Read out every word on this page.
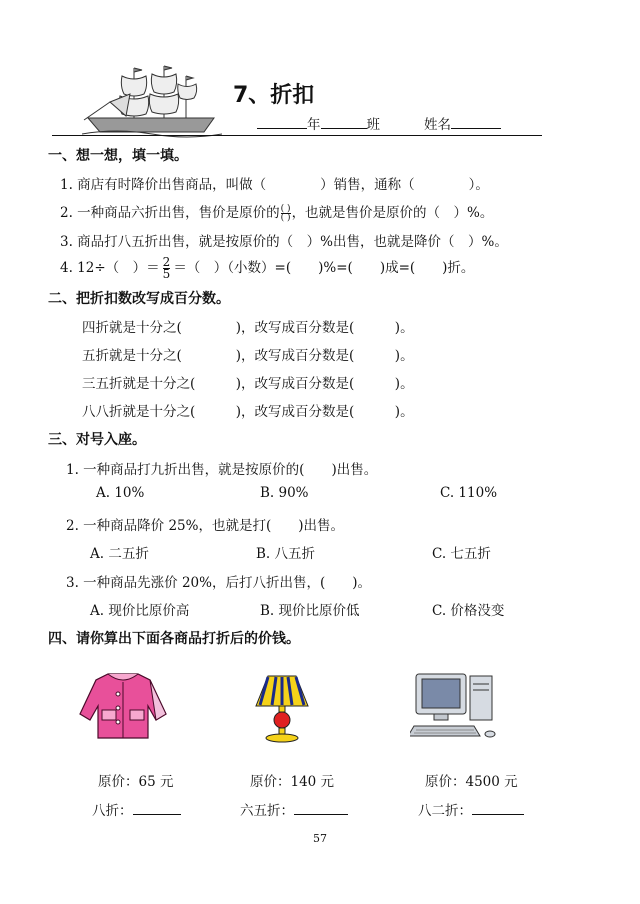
7、折扣
年	班	姓名
一、想一想，填一填。
1. 商店有时降价出售商品，叫做（　　　　）销售，通称（　　　　）。
2. 一种商品六折出售，售价是原价的$\frac{( )}{( )}$ ，也就是售价是原价的（　）%。
3. 商品打八五折出售，就是按原价的（　）%出售，也就是降价（　）%。
4. 12÷（　）＝ $\frac{2}{5}$ ＝（　）（小数）=(　　)%=(　　)成=(　　)折。
二、把折扣数改写成百分数。
四折就是十分之(　　　　)，改写成百分数是(　　　)。
五折就是十分之(　　　　)，改写成百分数是(　　　)。
三五折就是十分之(　　　)，改写成百分数是(　　　)。
八八折就是十分之(　　　)，改写成百分数是(　　　)。
三、对号入座。
1. 一种商品打九折出售，就是按原价的(　　)出售。
A. 10%	B. 90%	C. 110%
2. 一种商品降价 25%，也就是打(　　)出售。
A. 二五折	B. 八五折	C. 七五折
3. 一种商品先涨价 20%，后打八折出售，(　　)。
A. 现价比原价高	B. 现价比原价低	C. 价格没变
四、请你算出下面各商品打折后的价钱。
原价：65 元	原价：140 元	原价：4500 元
八折：	六五折：	八二折：
57
